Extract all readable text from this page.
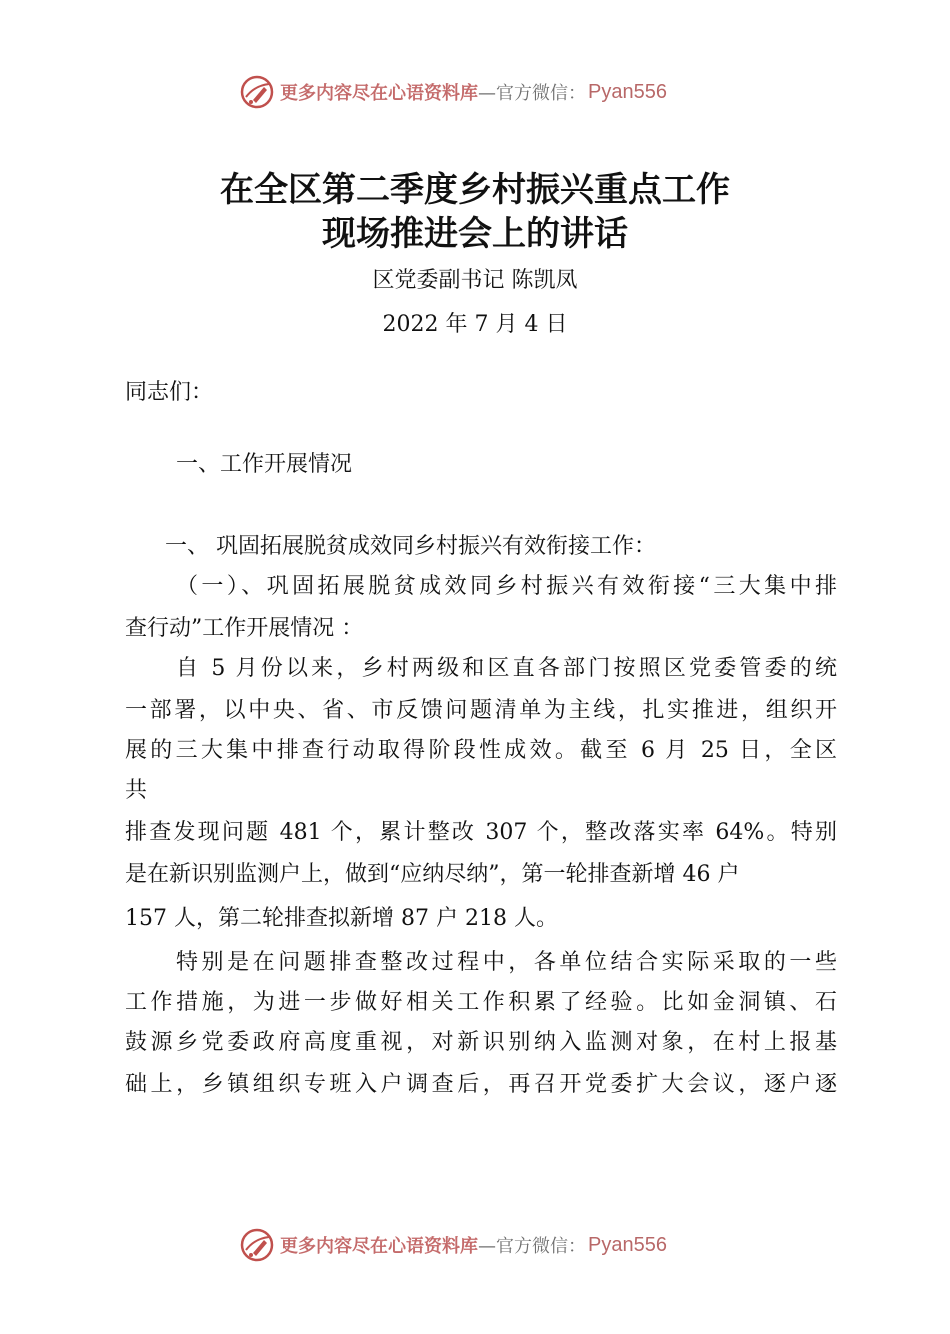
更多内容尽在心语资料库 —官方微信： Pyan556
在全区第二季度乡村振兴重点工作
现场推进会上的讲话
区党委副书记 陈凯凤
2022 年 7 月 4 日
同志们：
一、工作开展情况
一、 巩固拓展脱贫成效同乡村振兴有效衔接工作：
（一）、巩固拓展脱贫成效同乡村振兴有效衔接“三大集中排
查行动”工作开展情况 ：
自 5 月份以来，乡村两级和区直各部门按照区党委管委的统
一部署，以中央、省、市反馈问题清单为主线，扎实推进，组织开
展的三大集中排查行动取得阶段性成效。截至 6 月 25 日，全区
共
排查发现问题 481 个，累计整改 307 个，整改落实率 64%。特别
是在新识别监测户上，做到“应纳尽纳”，第一轮排查新增 46 户
157 人，第二轮排查拟新增 87 户 218 人。
特别是在问题排查整改过程中，各单位结合实际采取的一些
工作措施，为进一步做好相关工作积累了经验。比如金洞镇、石
鼓源乡党委政府高度重视，对新识别纳入监测对象，在村上报基
础上，乡镇组织专班入户调查后，再召开党委扩大会议，逐户逐
更多内容尽在心语资料库 —官方微信： Pyan556
